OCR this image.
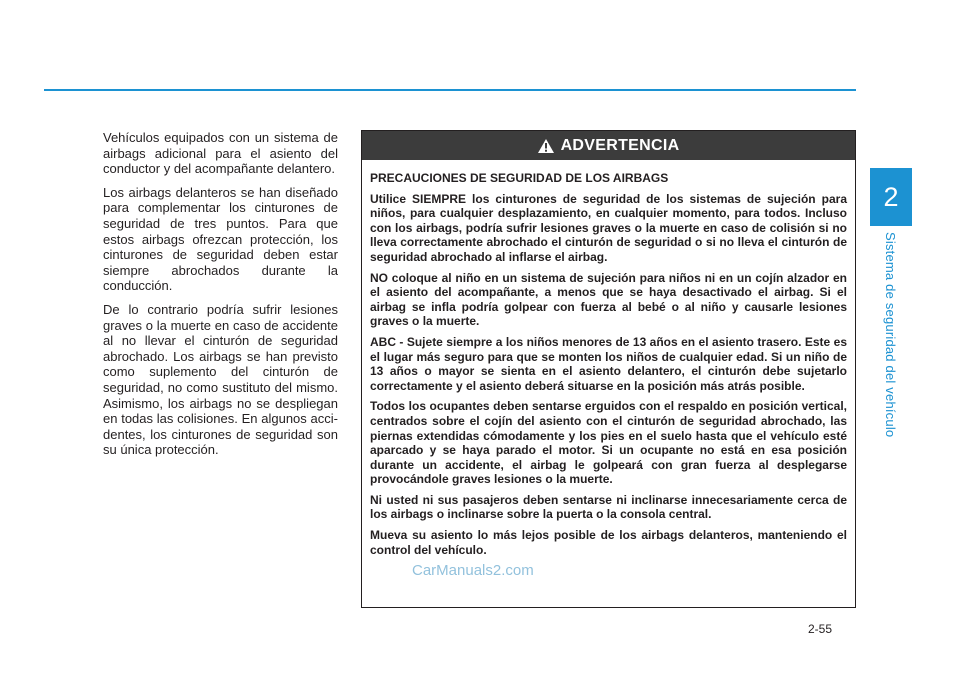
2
Sistema de seguridad del vehículo

Vehículos equipados con un sistema de airbags adicional para el asiento del conductor y del acompañante delantero.

Los airbags delanteros se han diseñado para complementar los cinturones de seguridad de tres puntos. Para que estos airbags ofrezcan protección, los cinturones de seguridad deben estar siempre abrochados durante la conducción.

De lo contrario podría sufrir lesiones graves o la muerte en caso de accidente al no llevar el cinturón de seguridad abrochado. Los airbags se han previsto como suplemento del cinturón de seguridad, no como sustituto del mismo. Asimismo, los airbags no se despliegan en todas las colisiones. En algunos acci-dentes, los cinturones de seguridad son su única protección.

ADVERTENCIA

PRECAUCIONES DE SEGURIDAD DE LOS AIRBAGS

Utilice SIEMPRE los cinturones de seguridad de los sistemas de sujeción para niños, para cualquier desplazamiento, en cualquier momento, para todos. Incluso con los airbags, podría sufrir lesiones graves o la muerte en caso de colisión si no lleva correctamente abrochado el cinturón de seguridad o si no lleva el cinturón de seguridad abrochado al inflarse el airbag.

NO coloque al niño en un sistema de sujeción para niños ni en un cojín alzador en el asiento del acompañante, a menos que se haya desactivado el airbag. Si el airbag se infla podría golpear con fuerza al bebé o al niño y causarle lesiones graves o la muerte.

ABC - Sujete siempre a los niños menores de 13 años en el asiento trasero. Este es el lugar más seguro para que se monten los niños de cualquier edad. Si un niño de 13 años o mayor se sienta en el asiento delantero, el cinturón debe sujetarlo correctamente y el asiento deberá situarse en la posición más atrás posible.

Todos los ocupantes deben sentarse erguidos con el respaldo en posición vertical, centrados sobre el cojín del asiento con el cinturón de seguridad abrochado, las piernas extendidas cómodamente y los pies en el suelo hasta que el vehículo esté aparcado y se haya parado el motor. Si un ocupante no está en esa posición durante un accidente, el airbag le golpeará con gran fuerza al desplegarse provocándole graves lesiones o la muerte.

Ni usted ni sus pasajeros deben sentarse ni inclinarse innecesariamente cerca de los airbags o inclinarse sobre la puerta o la consola central.

Mueva su asiento lo más lejos posible de los airbags delanteros, manteniendo el control del vehículo.

CarManuals2.com
2-55
